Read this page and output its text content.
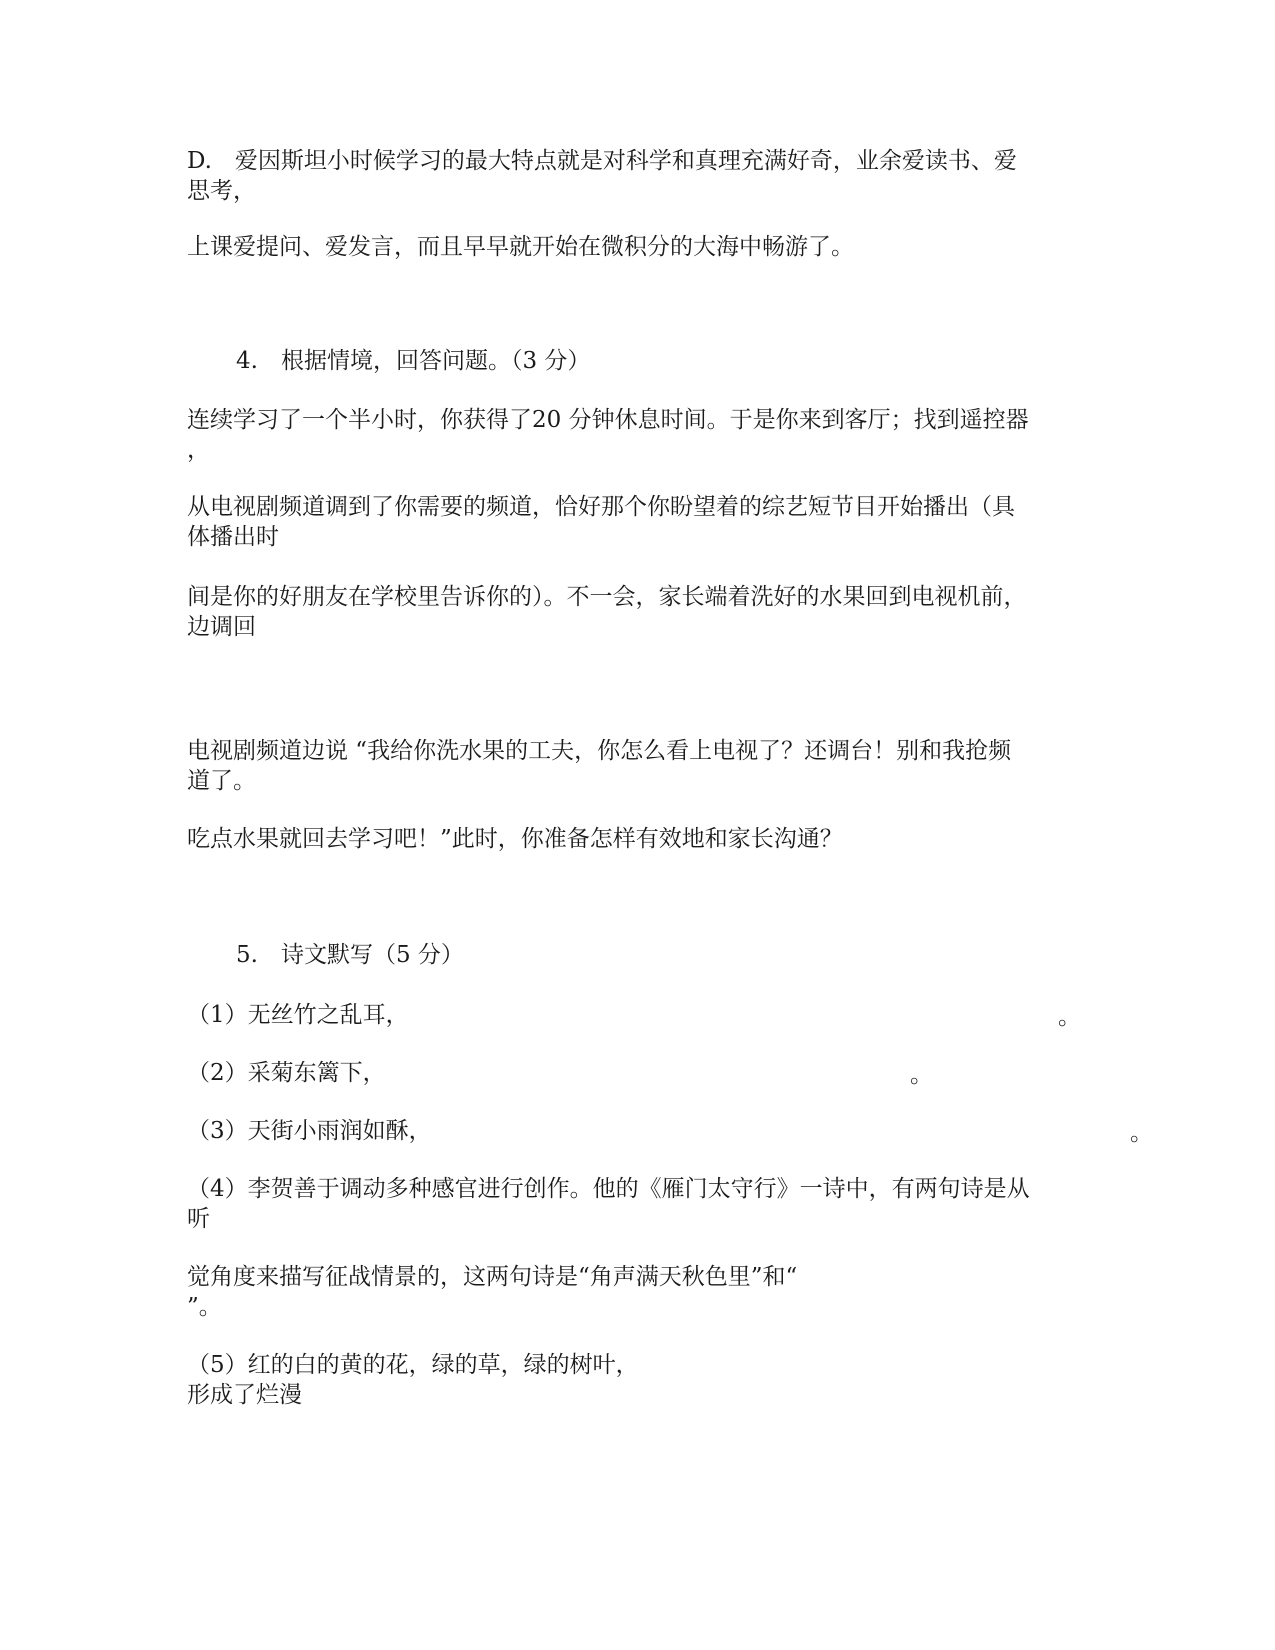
D.　爱因斯坦小时候学习的最大特点就是对科学和真理充满好奇，业余爱读书、爱
思考，
上课爱提问、爱发言，而且早早就开始在微积分的大海中畅游了。
4.　根据情境，回答问题。（3 分）
连续学习了一个半小时，你获得了20 分钟休息时间。于是你来到客厅；找到遥控器
，
从电视剧频道调到了你需要的频道，恰好那个你盼望着的综艺短节目开始播出（具
体播出时
间是你的好朋友在学校里告诉你的）。不一会，家长端着洗好的水果回到电视机前，
边调回
电视剧频道边说 “我给你洗水果的工夫，你怎么看上电视了？还调台！别和我抢频
道了。
吃点水果就回去学习吧！”此时，你准备怎样有效地和家长沟通？
5.　诗文默写（5 分）
（1）无丝竹之乱耳，	。
（2）采菊东篱下，	。
（3）天街小雨润如酥，	。
（4）李贺善于调动多种感官进行创作。他的《雁门太守行》一诗中，有两句诗是从
听
觉角度来描写征战情景的，这两句诗是“角声满天秋色里”和“
”。
（5）红的白的黄的花，绿的草，绿的树叶，
形成了烂漫
